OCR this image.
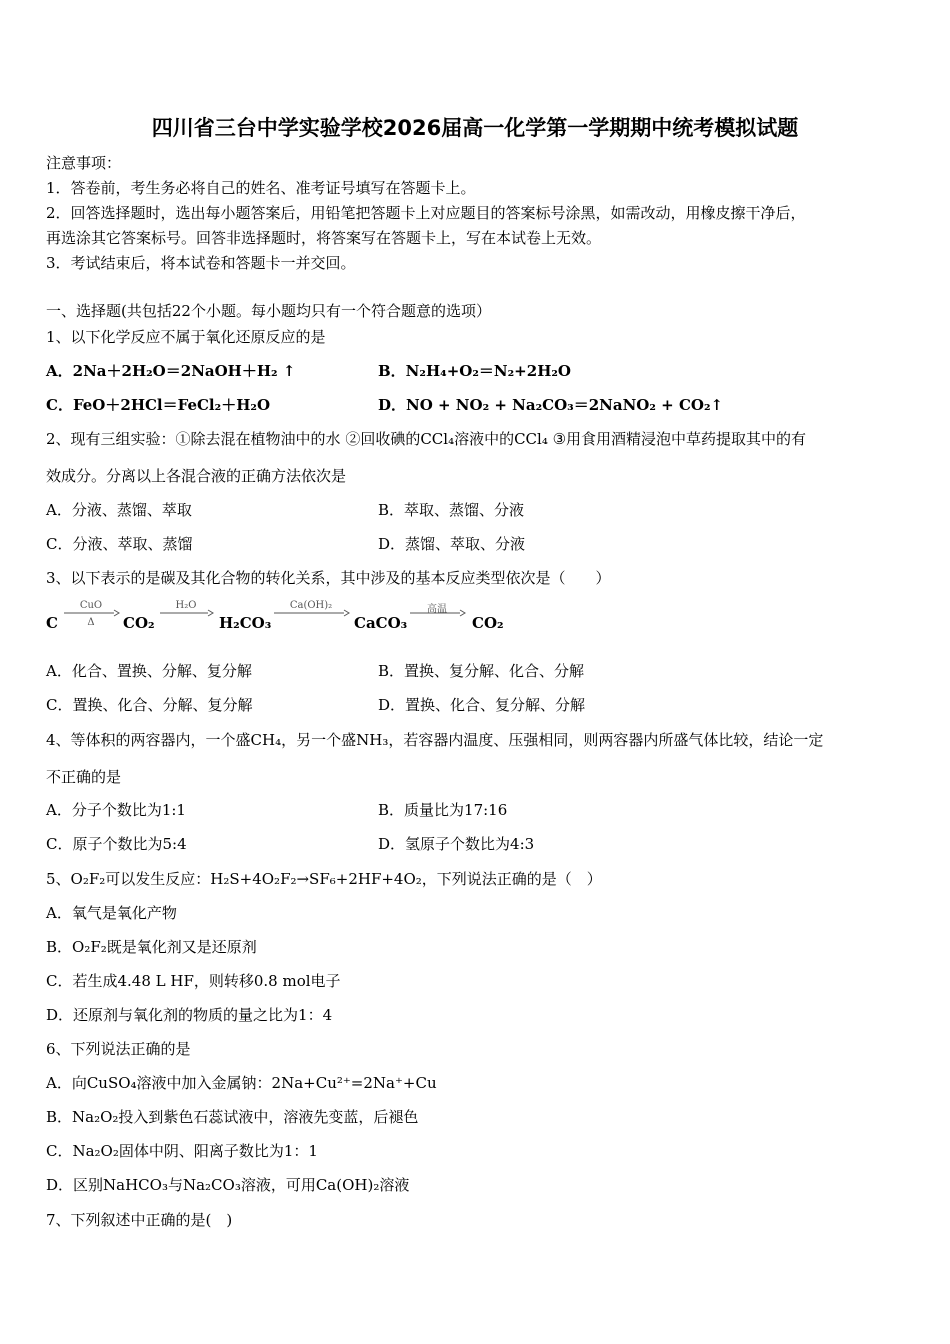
四川省三台中学实验学校2026届高一化学第一学期期中统考模拟试题
注意事项：
1．答卷前，考生务必将自己的姓名、准考证号填写在答题卡上。
2．回答选择题时，选出每小题答案后，用铅笔把答题卡上对应题目的答案标号涂黑，如需改动，用橡皮擦干净后，
再选涂其它答案标号。回答非选择题时，将答案写在答题卡上，写在本试卷上无效。
3．考试结束后，将本试卷和答题卡一并交回。
一、选择题(共包括22个小题。每小题均只有一个符合题意的选项）
1、以下化学反应不属于氧化还原反应的是
A．2Na＋2H₂O＝2NaOH＋H₂ ↑	B．N₂H₄+O₂＝N₂+2H₂O
C．FeO＋2HCl＝FeCl₂＋H₂O	D．NO + NO₂ + Na₂CO₃＝2NaNO₂ + CO₂↑
2、现有三组实验：①除去混在植物油中的水 ②回收碘的CCl₄溶液中的CCl₄ ③用食用酒精浸泡中草药提取其中的有
效成分。分离以上各混合液的正确方法依次是
A．分液、蒸馏、萃取	B．萃取、蒸馏、分液
C．分液、萃取、蒸馏	D．蒸馏、萃取、分液
3、以下表示的是碳及其化合物的转化关系，其中涉及的基本反应类型依次是（　　）
C
CuO
Δ	CO₂
H₂O
H₂CO₃
Ca(OH)₂
CaCO₃
高温
CO₂
A．化合、置换、分解、复分解	B．置换、复分解、化合、分解
C．置换、化合、分解、复分解	D．置换、化合、复分解、分解
4、等体积的两容器内，一个盛CH₄，另一个盛NH₃，若容器内温度、压强相同，则两容器内所盛气体比较，结论一定
不正确的是
A．分子个数比为1:1	B．质量比为17:16
C．原子个数比为5:4	D．氢原子个数比为4:3
5、O₂F₂可以发生反应：H₂S+4O₂F₂→SF₆+2HF+4O₂，下列说法正确的是（　）
A．氧气是氧化产物
B．O₂F₂既是氧化剂又是还原剂
C．若生成4.48 L HF，则转移0.8 mol电子
D．还原剂与氧化剂的物质的量之比为1：4
6、下列说法正确的是
A．向CuSO₄溶液中加入金属钠：2Na+Cu²⁺=2Na⁺+Cu
B．Na₂O₂投入到紫色石蕊试液中，溶液先变蓝，后褪色
C．Na₂O₂固体中阴、阳离子数比为1：1
D．区别NaHCO₃与Na₂CO₃溶液，可用Ca(OH)₂溶液
7、下列叙述中正确的是(　)
